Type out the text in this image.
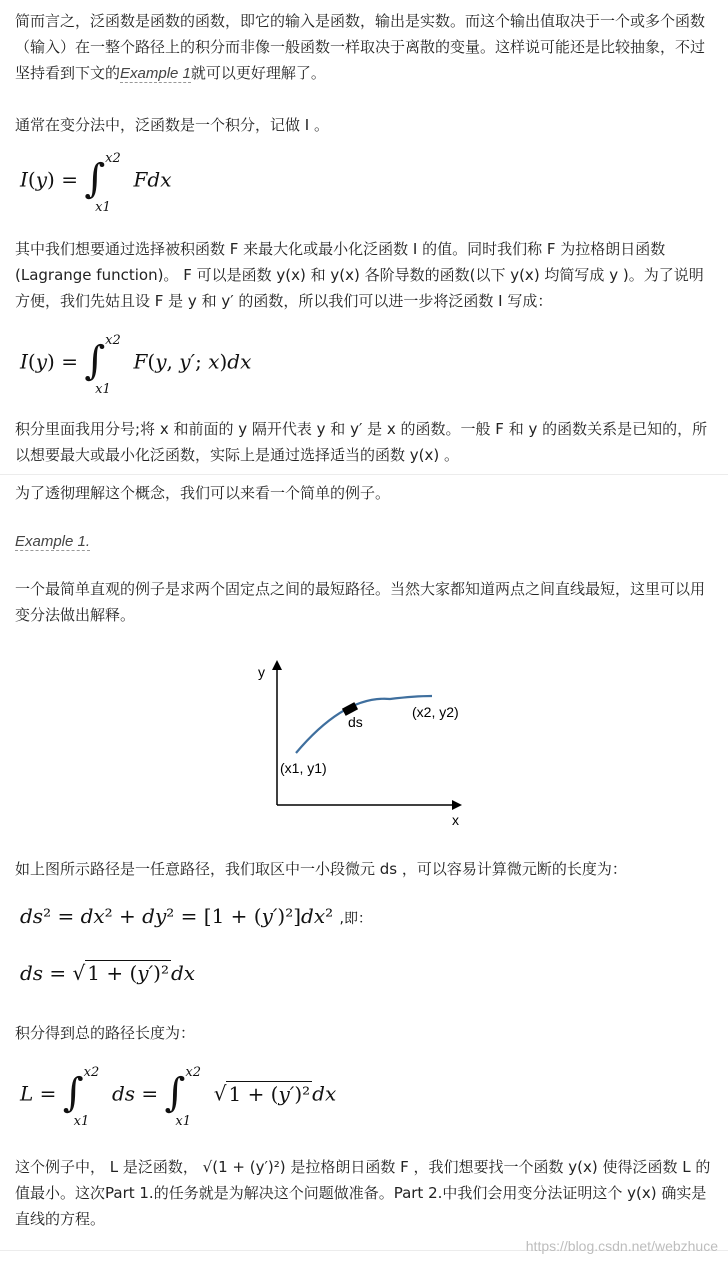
简而言之，泛函数是函数的函数，即它的输入是函数，输出是实数。而这个输出值取决于一个或多个函数（输入）在一整个路径上的积分而非像一般函数一样取决于离散的变量。这样说可能还是比较抽象，不过坚持看到下文的Example 1就可以更好理解了。

通常在变分法中，泛函数是一个积分，记做 I 。

I(y) = ∫ x2
x1
Fdx

其中我们想要通过选择被积函数 F 来最大化或最小化泛函数 I 的值。同时我们称 F 为拉格朗日函数(Lagrange function)。 F 可以是函数 y(x) 和 y(x) 各阶导数的函数(以下 y(x) 均简写成 y )。为了说明方便，我们先姑且设 F 是 y 和 y′ 的函数，所以我们可以进一步将泛函数 I 写成：

I(y) = ∫ x2
x1
F(y, y′; x)dx

积分里面我用分号;将 x 和前面的 y 隔开代表 y 和 y′ 是 x 的函数。一般 F 和 y 的函数关系是已知的，所以想要最大或最小化泛函数，实际上是通过选择适当的函数 y(x) 。

为了透彻理解这个概念，我们可以来看一个简单的例子。

Example 1.

一个最简单直观的例子是求两个固定点之间的最短路径。当然大家都知道两点之间直线最短，这里可以用变分法做出解释。

y
x
ds
(x1, y1)
(x2, y2)

如上图所示路径是一任意路径，我们取区中一小段微元 ds ，可以容易计算微元断的长度为：

ds² = dx² + dy² = [1 + (y′)²]dx² ,即：
ds = √ 1 + (y′)² dx

积分得到总的路径长度为：

L = ∫ x2
x1
ds = ∫ x2
x1
√ 1 + (y′)² dx

这个例子中， L 是泛函数， √(1 + (y′)²) 是拉格朗日函数 F ，我们想要找一个函数 y(x) 使得泛函数 L 的值最小。这次Part 1.的任务就是为解决这个问题做准备。Part 2.中我们会用变分法证明这个 y(x) 确实是直线的方程。

https://blog.csdn.net/webzhuce
